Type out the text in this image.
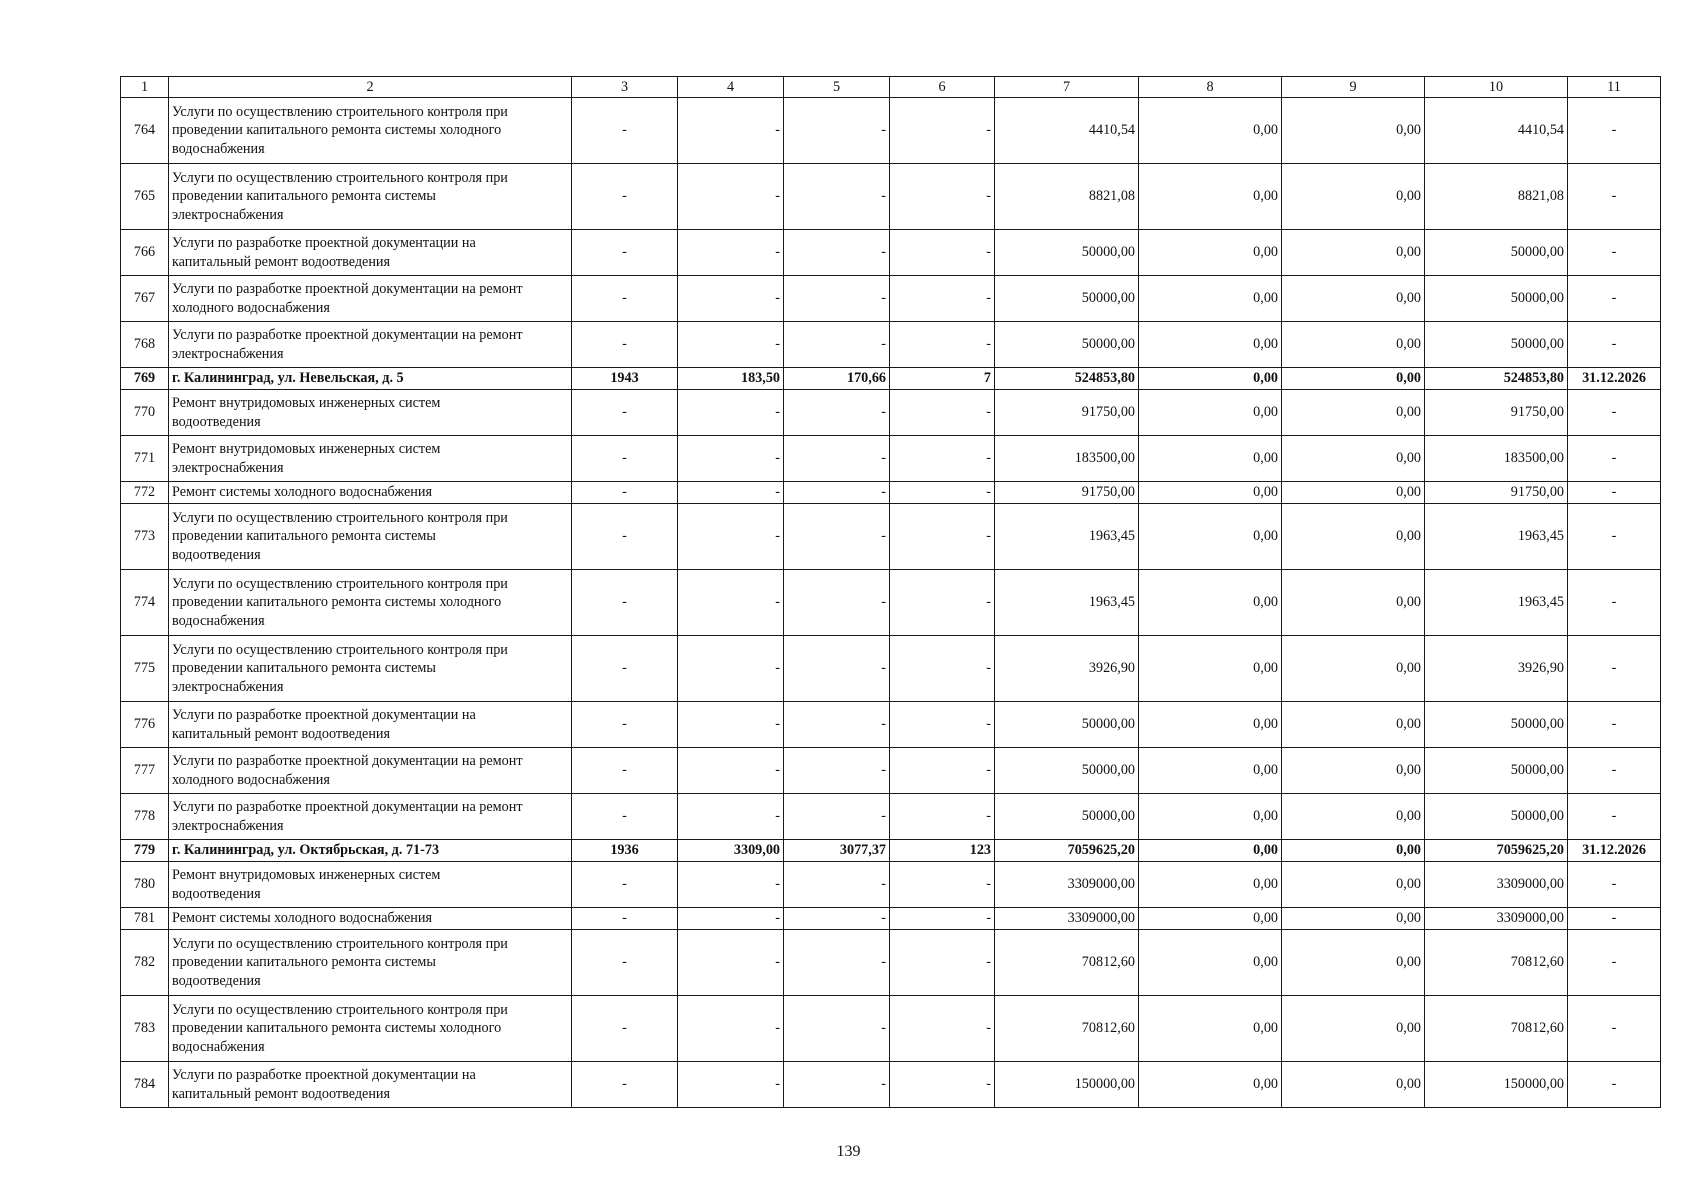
1	2	3	4	5	6	7	8	9	10	11
764	Услуги по осуществлению строительного контроля при
проведении капитального ремонта системы холодного
водоснабжения	-	-	-	-	4410,54	0,00	0,00	4410,54	-
765	Услуги по осуществлению строительного контроля при
проведении капитального ремонта системы
электроснабжения	-	-	-	-	8821,08	0,00	0,00	8821,08	-
766	Услуги по разработке проектной документации на
капитальный ремонт водоотведения	-	-	-	-	50000,00	0,00	0,00	50000,00	-
767	Услуги по разработке проектной документации на ремонт
холодного водоснабжения	-	-	-	-	50000,00	0,00	0,00	50000,00	-
768	Услуги по разработке проектной документации на ремонт
электроснабжения	-	-	-	-	50000,00	0,00	0,00	50000,00	-
769	г. Калининград, ул. Невельская, д. 5	1943	183,50	170,66	7	524853,80	0,00	0,00	524853,80	31.12.2026
770	Ремонт внутридомовых инженерных систем
водоотведения	-	-	-	-	91750,00	0,00	0,00	91750,00	-
771	Ремонт внутридомовых инженерных систем
электроснабжения	-	-	-	-	183500,00	0,00	0,00	183500,00	-
772	Ремонт системы холодного водоснабжения	-	-	-	-	91750,00	0,00	0,00	91750,00	-
773	Услуги по осуществлению строительного контроля при
проведении капитального ремонта системы
водоотведения	-	-	-	-	1963,45	0,00	0,00	1963,45	-
774	Услуги по осуществлению строительного контроля при
проведении капитального ремонта системы холодного
водоснабжения	-	-	-	-	1963,45	0,00	0,00	1963,45	-
775	Услуги по осуществлению строительного контроля при
проведении капитального ремонта системы
электроснабжения	-	-	-	-	3926,90	0,00	0,00	3926,90	-
776	Услуги по разработке проектной документации на
капитальный ремонт водоотведения	-	-	-	-	50000,00	0,00	0,00	50000,00	-
777	Услуги по разработке проектной документации на ремонт
холодного водоснабжения	-	-	-	-	50000,00	0,00	0,00	50000,00	-
778	Услуги по разработке проектной документации на ремонт
электроснабжения	-	-	-	-	50000,00	0,00	0,00	50000,00	-
779	г. Калининград, ул. Октябрьская, д. 71-73	1936	3309,00	3077,37	123	7059625,20	0,00	0,00	7059625,20	31.12.2026
780	Ремонт внутридомовых инженерных систем
водоотведения	-	-	-	-	3309000,00	0,00	0,00	3309000,00	-
781	Ремонт системы холодного водоснабжения	-	-	-	-	3309000,00	0,00	0,00	3309000,00	-
782	Услуги по осуществлению строительного контроля при
проведении капитального ремонта системы
водоотведения	-	-	-	-	70812,60	0,00	0,00	70812,60	-
783	Услуги по осуществлению строительного контроля при
проведении капитального ремонта системы холодного
водоснабжения	-	-	-	-	70812,60	0,00	0,00	70812,60	-
784	Услуги по разработке проектной документации на
капитальный ремонт водоотведения	-	-	-	-	150000,00	0,00	0,00	150000,00	-
139
